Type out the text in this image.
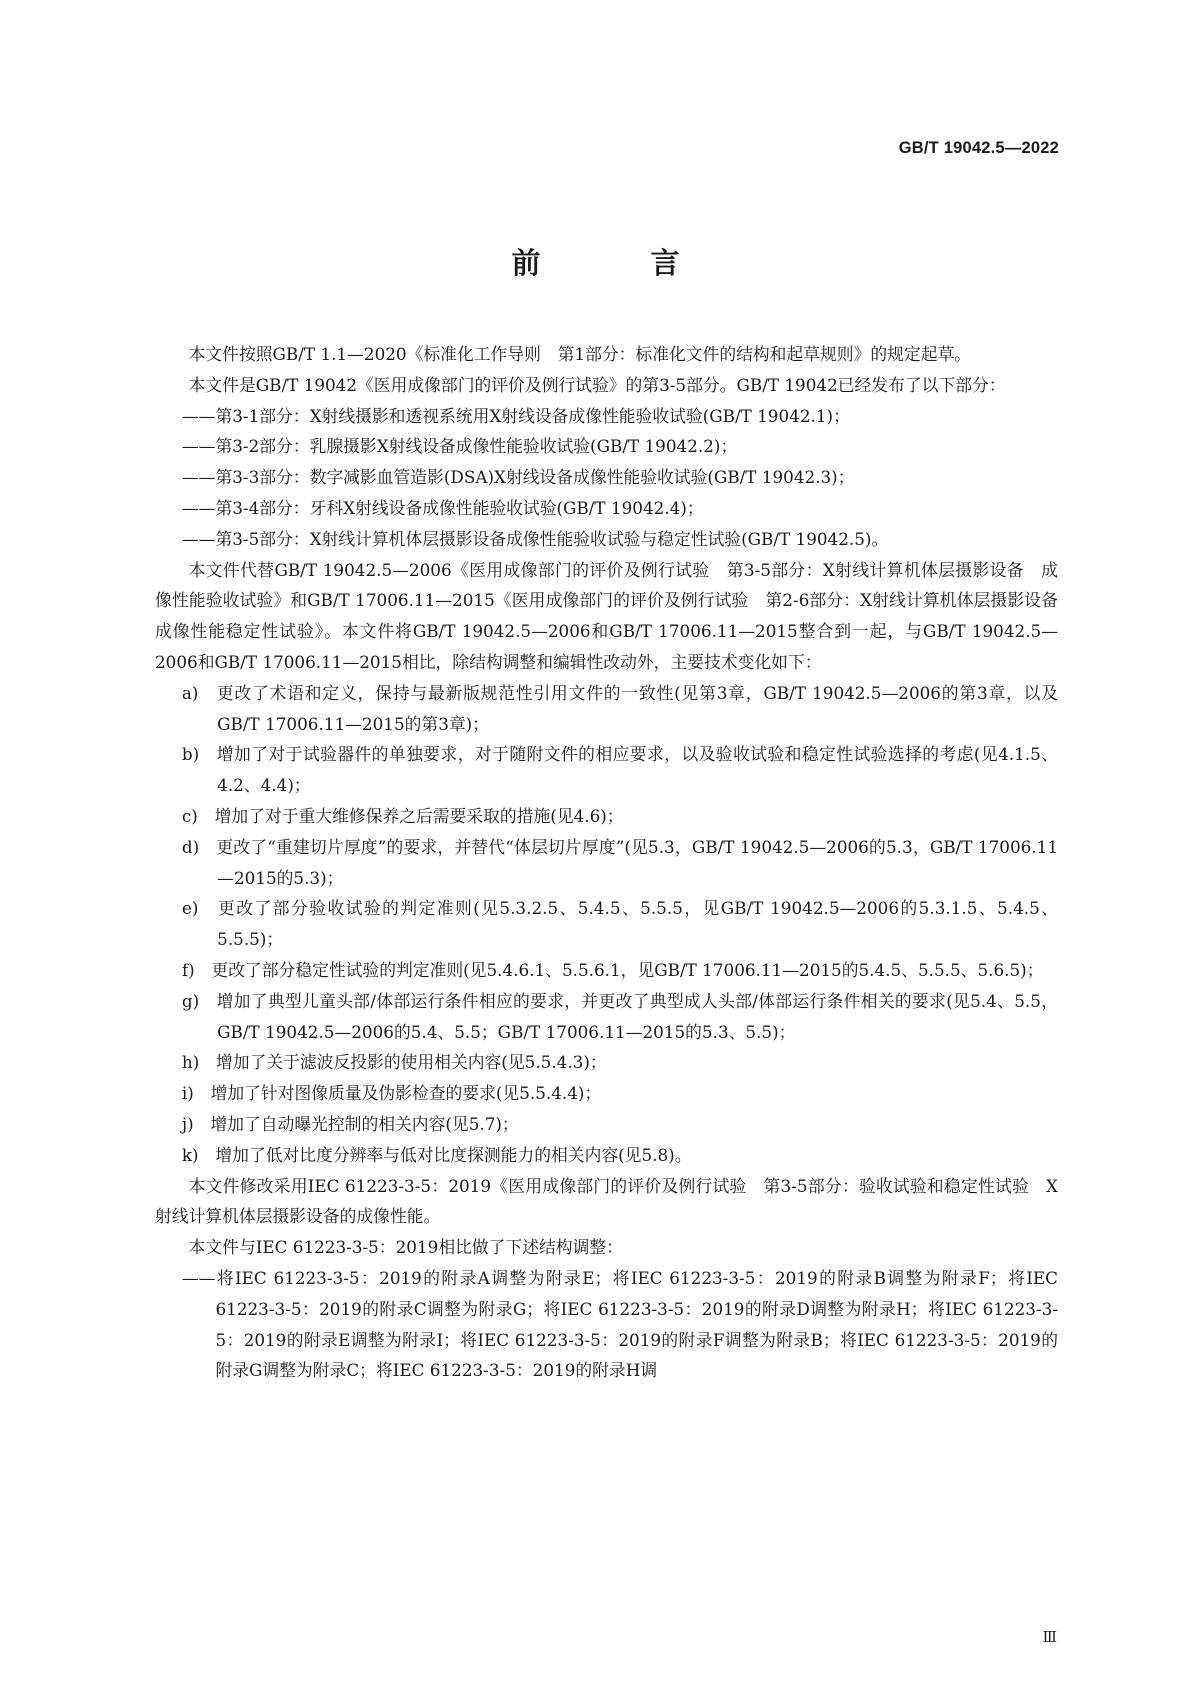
GB/T 19042.5—2022
前 言

本文件按照GB/T 1.1—2020《标准化工作导则　第1部分：标准化文件的结构和起草规则》的规定起草。

本文件是GB/T 19042《医用成像部门的评价及例行试验》的第3-5部分。GB/T 19042已经发布了以下部分：

——第3-1部分：X射线摄影和透视系统用X射线设备成像性能验收试验(GB/T 19042.1)；

——第3-2部分：乳腺摄影X射线设备成像性能验收试验(GB/T 19042.2)；

——第3-3部分：数字减影血管造影(DSA)X射线设备成像性能验收试验(GB/T 19042.3)；

——第3-4部分：牙科X射线设备成像性能验收试验(GB/T 19042.4)；

——第3-5部分：X射线计算机体层摄影设备成像性能验收试验与稳定性试验(GB/T 19042.5)。

本文件代替GB/T 19042.5—2006《医用成像部门的评价及例行试验　第3-5部分：X射线计算机体层摄影设备　成像性能验收试验》和GB/T 17006.11—2015《医用成像部门的评价及例行试验　第2-6部分：X射线计算机体层摄影设备成像性能稳定性试验》。本文件将GB/T 19042.5—2006和GB/T 17006.11—2015整合到一起，与GB/T 19042.5—2006和GB/T 17006.11—2015相比，除结构调整和编辑性改动外，主要技术变化如下：

a)　更改了术语和定义，保持与最新版规范性引用文件的一致性(见第3章，GB/T 19042.5—2006的第3章，以及GB/T 17006.11—2015的第3章)；

b)　增加了对于试验器件的单独要求，对于随附文件的相应要求，以及验收试验和稳定性试验选择的考虑(见4.1.5、4.2、4.4)；

c)　增加了对于重大维修保养之后需要采取的措施(见4.6)；

d)　更改了“重建切片厚度”的要求，并替代“体层切片厚度”(见5.3，GB/T 19042.5—2006的5.3，GB/T 17006.11—2015的5.3)；

e)　更改了部分验收试验的判定准则(见5.3.2.5、5.4.5、5.5.5，见GB/T 19042.5—2006的5.3.1.5、5.4.5、5.5.5)；

f)　更改了部分稳定性试验的判定准则(见5.4.6.1、5.5.6.1，见GB/T 17006.11—2015的5.4.5、5.5.5、5.6.5)；

g)　增加了典型儿童头部/体部运行条件相应的要求，并更改了典型成人头部/体部运行条件相关的要求(见5.4、5.5，GB/T 19042.5—2006的5.4、5.5；GB/T 17006.11—2015的5.3、5.5)；

h)　增加了关于滤波反投影的使用相关内容(见5.5.4.3)；

i)　增加了针对图像质量及伪影检查的要求(见5.5.4.4)；

j)　增加了自动曝光控制的相关内容(见5.7)；

k)　增加了低对比度分辨率与低对比度探测能力的相关内容(见5.8)。

本文件修改采用IEC 61223-3-5：2019《医用成像部门的评价及例行试验　第3-5部分：验收试验和稳定性试验　X射线计算机体层摄影设备的成像性能。

本文件与IEC 61223-3-5：2019相比做了下述结构调整：

——将IEC 61223-3-5：2019的附录A调整为附录E；将IEC 61223-3-5：2019的附录B调整为附录F；将IEC 61223-3-5：2019的附录C调整为附录G；将IEC 61223-3-5：2019的附录D调整为附录H；将IEC 61223-3-5：2019的附录E调整为附录I；将IEC 61223-3-5：2019的附录F调整为附录B；将IEC 61223-3-5：2019的附录G调整为附录C；将IEC 61223-3-5：2019的附录H调

Ⅲ
